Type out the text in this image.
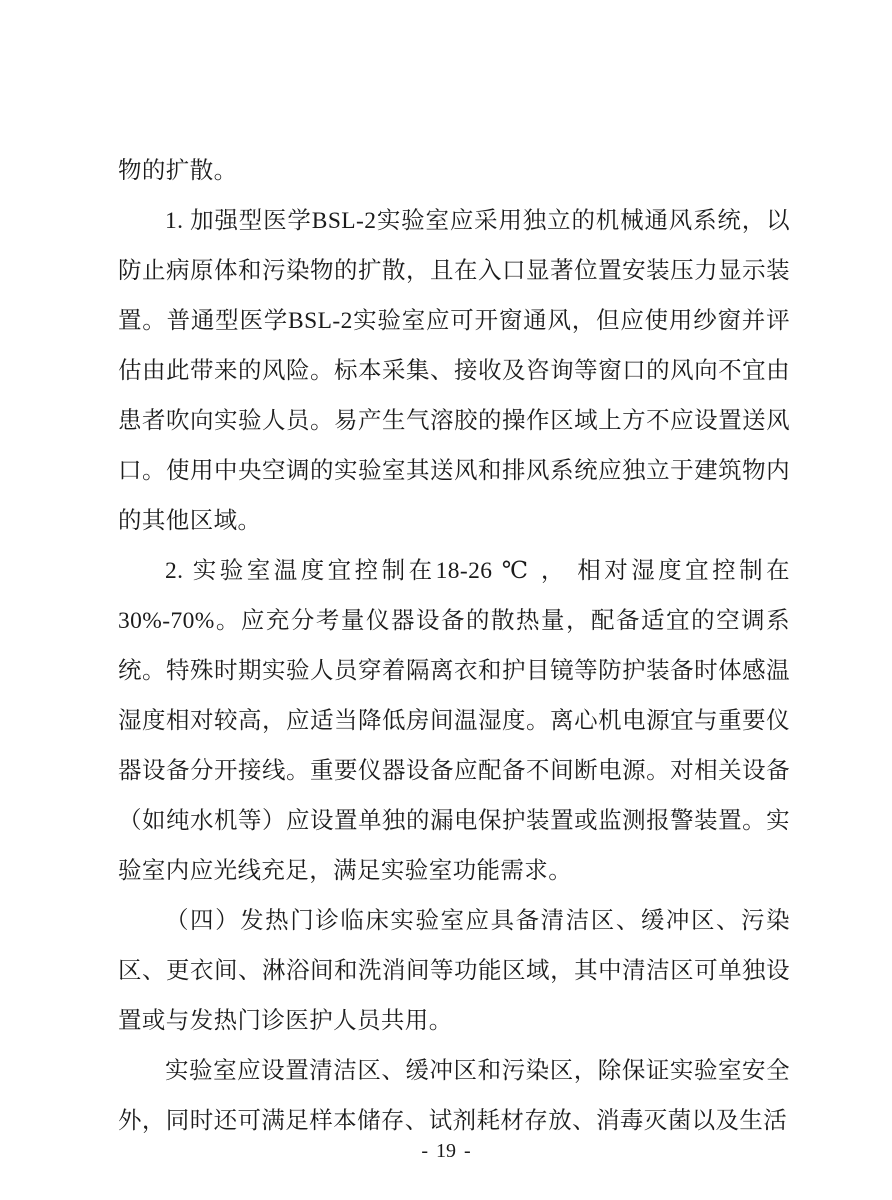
物的扩散。

1. 加强型医学BSL-2实验室应采用独立的机械通风系统，以防止病原体和污染物的扩散，且在入口显著位置安装压力显示装置。普通型医学BSL-2实验室应可开窗通风，但应使用纱窗并评估由此带来的风险。标本采集、接收及咨询等窗口的风向不宜由患者吹向实验人员。易产生气溶胶的操作区域上方不应设置送风口。使用中央空调的实验室其送风和排风系统应独立于建筑物内的其他区域。

2. 实验室温度宜控制在18-26 ℃ ， 相对湿度宜控制在30%-70%。应充分考量仪器设备的散热量，配备适宜的空调系统。特殊时期实验人员穿着隔离衣和护目镜等防护装备时体感温湿度相对较高，应适当降低房间温湿度。离心机电源宜与重要仪器设备分开接线。重要仪器设备应配备不间断电源。对相关设备（如纯水机等）应设置单独的漏电保护装置或监测报警装置。实验室内应光线充足，满足实验室功能需求。

（四）发热门诊临床实验室应具备清洁区、缓冲区、污染区、更衣间、淋浴间和洗消间等功能区域，其中清洁区可单独设置或与发热门诊医护人员共用。

实验室应设置清洁区、缓冲区和污染区，除保证实验室安全外，同时还可满足样本储存、试剂耗材存放、消毒灭菌以及生活

- 19 -
